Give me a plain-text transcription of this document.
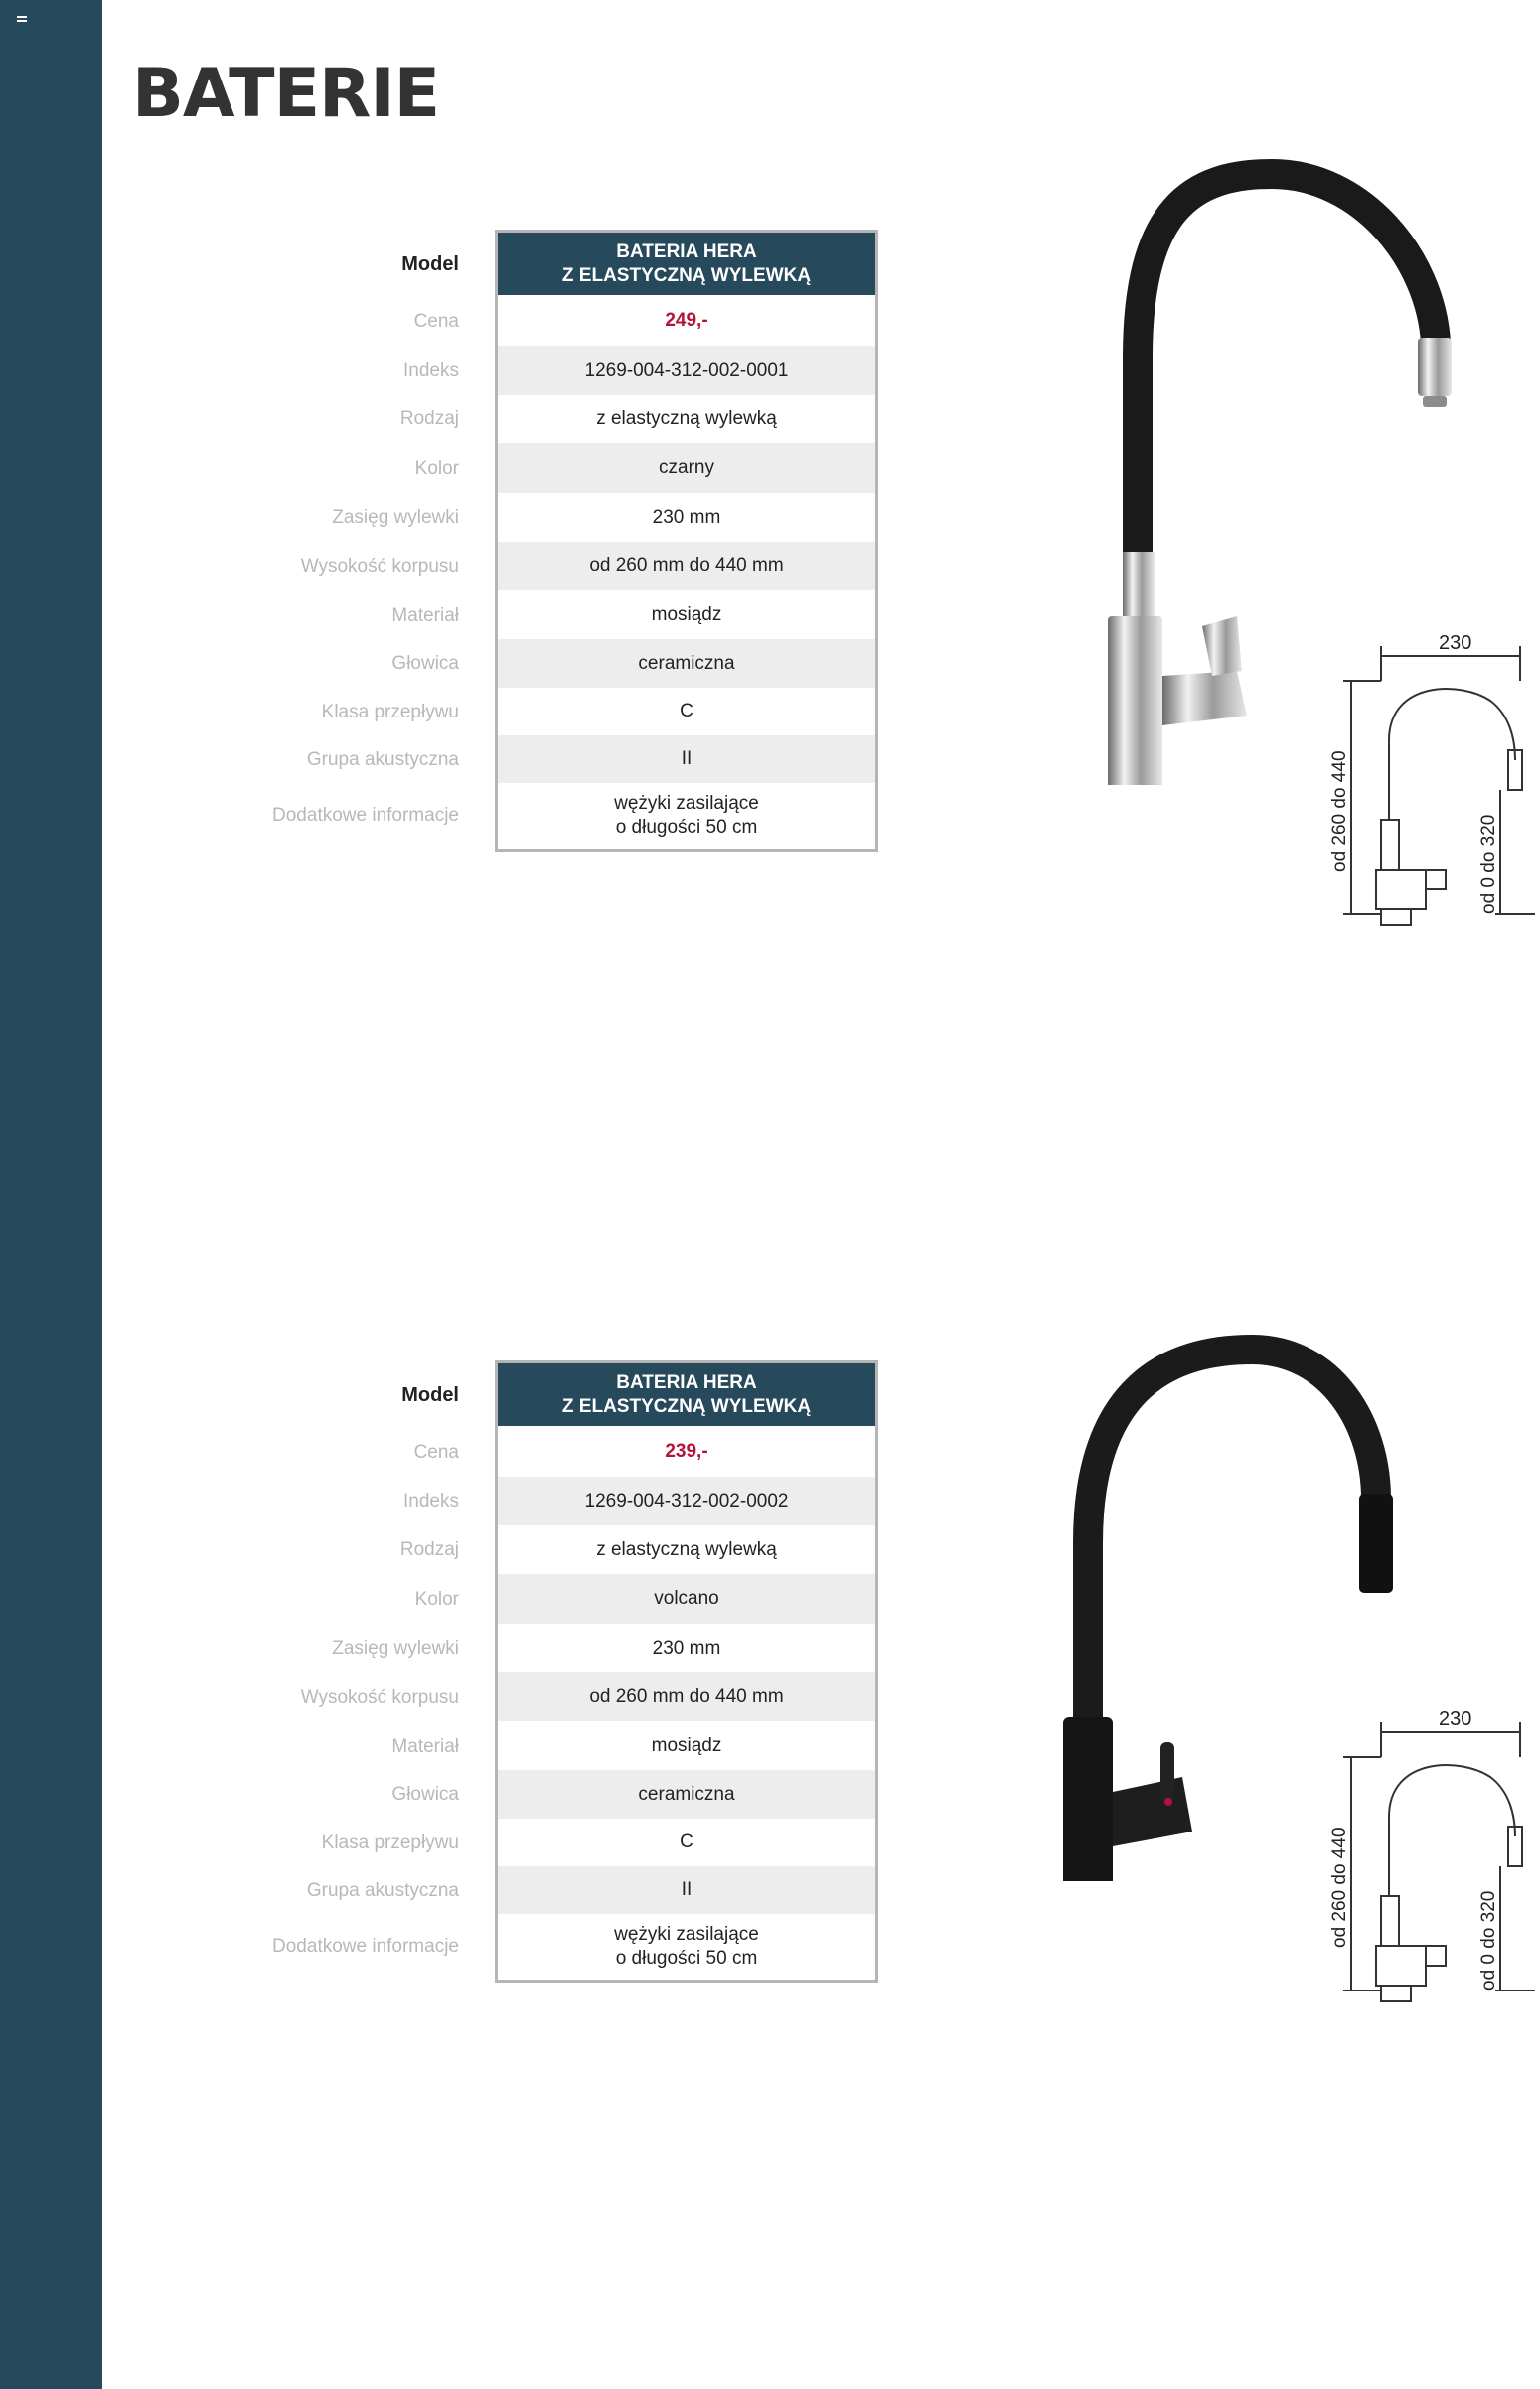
BATERIE
Model
Cena
Indeks
Rodzaj
Kolor
Zasięg wylewki
Wysokość korpusu
Materiał
Głowica
Klasa przepływu
Grupa akustyczna
Dodatkowe informacje
BATERIA HERA
Z ELASTYCZNĄ WYLEWKĄ
249,-
1269-004-312-002-0001
z elastyczną wylewką
czarny
230 mm
od 260 mm do 440 mm
mosiądz
ceramiczna
C
II
wężyki zasilające
o długości 50 cm
230
od 260 do 440	od 0 do 320
Model
Cena
Indeks
Rodzaj
Kolor
Zasięg wylewki
Wysokość korpusu
Materiał
Głowica
Klasa przepływu
Grupa akustyczna
Dodatkowe informacje
BATERIA HERA
Z ELASTYCZNĄ WYLEWKĄ
239,-
1269-004-312-002-0002
z elastyczną wylewką
volcano
230 mm
od 260 mm do 440 mm
mosiądz
ceramiczna
C
II
wężyki zasilające
o długości 50 cm
230
od 260 do 440	od 0 do 320
